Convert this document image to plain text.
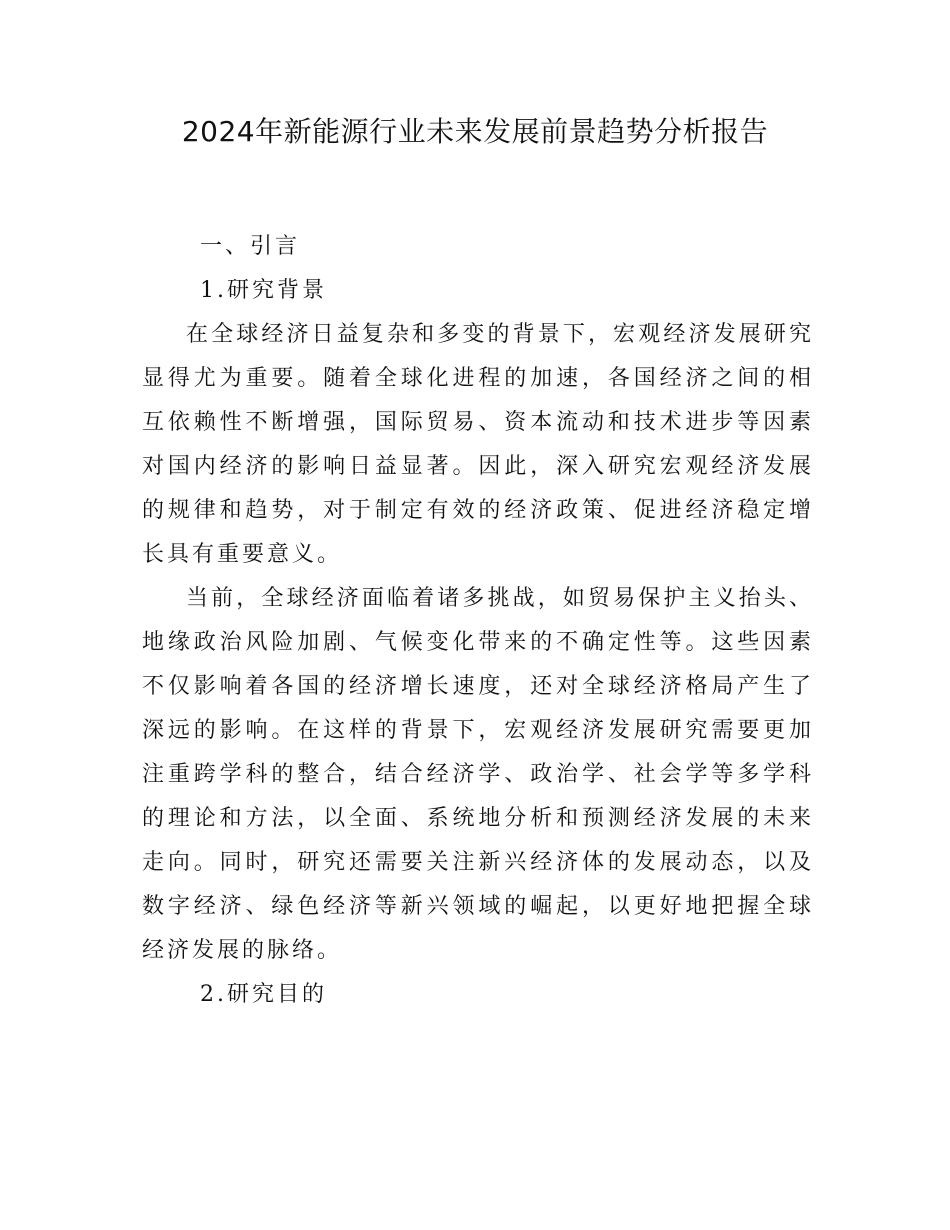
2024年新能源行业未来发展前景趋势分析报告
一、引言
1.研究背景

在全球经济日益复杂和多变的背景下，宏观经济发展研究显得尤为重要。随着全球化进程的加速，各国经济之间的相互依赖性不断增强，国际贸易、资本流动和技术进步等因素对国内经济的影响日益显著。因此，深入研究宏观经济发展的规律和趋势，对于制定有效的经济政策、促进经济稳定增长具有重要意义。

当前，全球经济面临着诸多挑战，如贸易保护主义抬头、地缘政治风险加剧、气候变化带来的不确定性等。这些因素不仅影响着各国的经济增长速度，还对全球经济格局产生了深远的影响。在这样的背景下，宏观经济发展研究需要更加注重跨学科的整合，结合经济学、政治学、社会学等多学科的理论和方法，以全面、系统地分析和预测经济发展的未来走向。同时，研究还需要关注新兴经济体的发展动态，以及数字经济、绿色经济等新兴领域的崛起，以更好地把握全球经济发展的脉络。

2.研究目的
